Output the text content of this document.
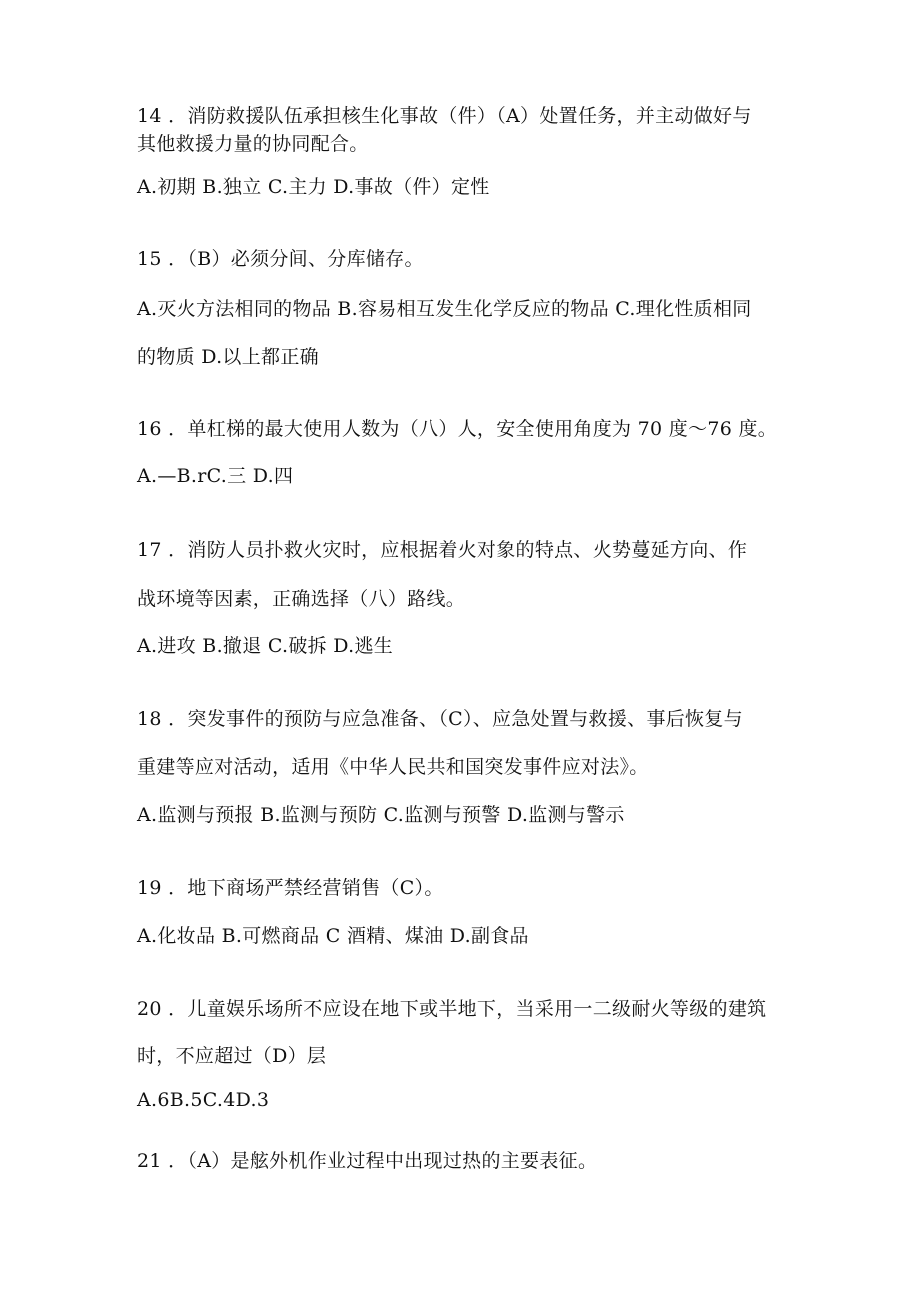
14 ．消防救援队伍承担核生化事故（件）（A）处置任务，并主动做好与
其他救援力量的协同配合。
A.初期 B.独立 C.主力 D.事故（件）定性
15 ．（B）必须分间、分库储存。
A.灭火方法相同的物品 B.容易相互发生化学反应的物品 C.理化性质相同
的物质 D.以上都正确
16 ．单杠梯的最大使用人数为（八）人，安全使用角度为 70 度～76 度。
A.—B.rC.三 D.四
17 ．消防人员扑救火灾时，应根据着火对象的特点、火势蔓延方向、作
战环境等因素，正确选择（八）路线。
A.进攻 B.撤退 C.破拆 D.逃生
18 ．突发事件的预防与应急准备、（C）、应急处置与救援、事后恢复与
重建等应对活动，适用《中华人民共和国突发事件应对法》。
A.监测与预报 B.监测与预防 C.监测与预警 D.监测与警示
19 ．地下商场严禁经营销售（C）。
A.化妆品 B.可燃商品 C 酒精、煤油 D.副食品
20 ．儿童娱乐场所不应设在地下或半地下，当采用一二级耐火等级的建筑
时，不应超过（D）层
A.6B.5C.4D.3
21 ．（A）是舷外机作业过程中出现过热的主要表征。
